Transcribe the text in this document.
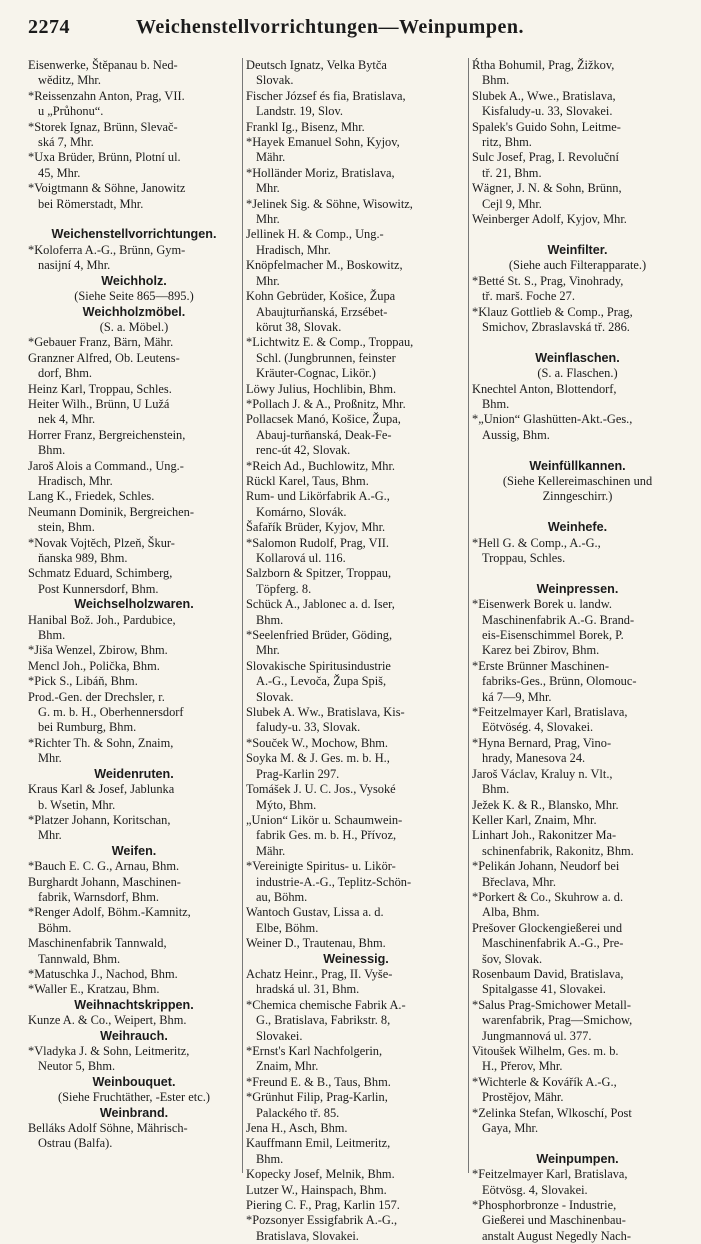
2274	Weichenstellvorrichtungen—Weinpumpen.
Eisenwerke, Štěpanau b. Ned-
wěditz, Mhr.
*Reissenzahn Anton, Prag, VII.
u „Průhonu“.
*Storek Ignaz, Brünn, Slevač-
ská 7, Mhr.
*Uxa Brüder, Brünn, Plotní ul.
45, Mhr.
*Voigtmann & Söhne, Janowitz
bei Römerstadt, Mhr.

Weichenstellvorrichtungen.
*Koloferra A.-G., Brünn, Gym-
nasijní 4, Mhr.
Weichholz.
(Siehe Seite 865—895.)
Weichholzmöbel.
(S. a. Möbel.)
*Gebauer Franz, Bärn, Mähr.
Granzner Alfred, Ob. Leutens-
dorf, Bhm.
Heinz Karl, Troppau, Schles.
Heiter Wilh., Brünn, U Lužá
nek 4, Mhr.
Horrer Franz, Bergreichenstein,
Bhm.
Jaroš Alois a Command., Ung.-
Hradisch, Mhr.
Lang K., Friedek, Schles.
Neumann Dominik, Bergreichen-
stein, Bhm.
*Novak Vojtěch, Plzeň, Škur-
ňanska 989, Bhm.
Schmatz Eduard, Schimberg,
Post Kunnersdorf, Bhm.
Weichselholzwaren.
Hanibal Bož. Joh., Pardubice,
Bhm.
*Jiša Wenzel, Zbirow, Bhm.
Mencl Joh., Polička, Bhm.
*Pick S., Libáň, Bhm.
Prod.-Gen. der Drechsler, r.
G. m. b. H., Oberhennersdorf
bei Rumburg, Bhm.
*Richter Th. & Sohn, Znaim,
Mhr.
Weidenruten.
Kraus Karl & Josef, Jablunka
b. Wsetin, Mhr.
*Platzer Johann, Koritschan,
Mhr.
Weifen.
*Bauch E. C. G., Arnau, Bhm.
Burghardt Johann, Maschinen-
fabrik, Warnsdorf, Bhm.
*Renger Adolf, Böhm.-Kamnitz,
Böhm.
Maschinenfabrik Tannwald,
Tannwald, Bhm.
*Matuschka J., Nachod, Bhm.
*Waller E., Kratzau, Bhm.
Weihnachtskrippen.
Kunze A. & Co., Weipert, Bhm.
Weihrauch.
*Vladyka J. & Sohn, Leitmeritz,
Neutor 5, Bhm.
Weinbouquet.
(Siehe Fruchtäther, -Ester etc.)
Weinbrand.
Belláks Adolf Söhne, Mährisch-
Ostrau (Balfa).
Deutsch Ignatz, Velka Bytča
Slovak.
Fischer József és fia, Bratislava,
Landstr. 19, Slov.
Frankl Ig., Bisenz, Mhr.
*Hayek Emanuel Sohn, Kyjov,
Mähr.
*Holländer Moriz, Bratislava,
Mhr.
*Jelinek Sig. & Söhne, Wisowitz,
Mhr.
Jellinek H. & Comp., Ung.-
Hradisch, Mhr.
Knöpfelmacher M., Boskowitz,
Mhr.
Kohn Gebrüder, Košice, Župa
Abaujturňanská, Erzsébet-
körut 38, Slovak.
*Lichtwitz E. & Comp., Troppau,
Schl. (Jungbrunnen, feinster
Kräuter-Cognac, Likör.)
Löwy Julius, Hochlibin, Bhm.
*Pollach J. & A., Proßnitz, Mhr.
Pollacsek Manó, Košice, Župa,
Abauj-turňanská, Deak-Fe-
renc-út 42, Slovak.
*Reich Ad., Buchlowitz, Mhr.
Rückl Karel, Taus, Bhm.
Rum- und Likörfabrik A.-G.,
Komárno, Slovák.
Šafařík Brüder, Kyjov, Mhr.
*Salomon Rudolf, Prag, VII.
Kollarová ul. 116.
Salzborn & Spitzer, Troppau,
Töpferg. 8.
Schück A., Jablonec a. d. Iser,
Bhm.
*Seelenfried Brüder, Göding,
Mhr.
Slovakische Spiritusindustrie
A.-G., Levoča, Župa Spiš,
Slovak.
Slubek A. Ww., Bratislava, Kis-
faludy-u. 33, Slovak.
*Souček W., Mochow, Bhm.
Soyka M. & J. Ges. m. b. H.,
Prag-Karlin 297.
Tomášek J. U. C. Jos., Vysoké
Mýto, Bhm.
„Union“ Likör u. Schaumwein-
fabrik Ges. m. b. H., Přívoz,
Mähr.
*Vereinigte Spiritus- u. Likör-
industrie-A.-G., Teplitz-Schön-
au, Böhm.
Wantoch Gustav, Lissa a. d.
Elbe, Böhm.
Weiner D., Trautenau, Bhm.
Weinessig.
Achatz Heinr., Prag, II. Vyše-
hradská ul. 31, Bhm.
*Chemica chemische Fabrik A.-
G., Bratislava, Fabrikstr. 8,
Slovakei.
*Ernst's Karl Nachfolgerin,
Znaim, Mhr.
*Freund E. & B., Taus, Bhm.
*Grünhut Filip, Prag-Karlin,
Palackého tř. 85.
Jena H., Asch, Bhm.
Kauffmann Emil, Leitmeritz,
Bhm.
Kopecky Josef, Melnik, Bhm.
Lutzer W., Hainspach, Bhm.
Piering C. F., Prag, Karlin 157.
*Pozsonyer Essigfabrik A.-G.,
Bratislava, Slovakei.
Ŕtha Bohumil, Prag, Žižkov,
Bhm.
Slubek A., Wwe., Bratislava,
Kisfaludy-u. 33, Slovakei.
Spalek's Guido Sohn, Leitme-
ritz, Bhm.
Sulc Josef, Prag, I. Revoluční
tř. 21, Bhm.
Wägner, J. N. & Sohn, Brünn,
Cejl 9, Mhr.
Weinberger Adolf, Kyjov, Mhr.

Weinfilter.
(Siehe auch Filterapparate.)
*Betté St. S., Prag, Vinohrady,
tř. marš. Foche 27.
*Klauz Gottlieb & Comp., Prag,
Smichov, Zbraslavská tř. 286.

Weinflaschen.
(S. a. Flaschen.)
Knechtel Anton, Blottendorf,
Bhm.
*„Union“ Glashütten-Akt.-Ges.,
Aussig, Bhm.

Weinfüllkannen.
(Siehe Kellereimaschinen und
Zinngeschirr.)

Weinhefe.
*Hell G. & Comp., A.-G.,
Troppau, Schles.

Weinpressen.
*Eisenwerk Borek u. landw.
Maschinenfabrik A.-G. Brand-
eis-Eisenschimmel Borek, P.
Karez bei Zbirov, Bhm.
*Erste Brünner Maschinen-
fabriks-Ges., Brünn, Olomouc-
ká 7—9, Mhr.
*Feitzelmayer Karl, Bratislava,
Eötvöség. 4, Slovakei.
*Hyna Bernard, Prag, Vino-
hrady, Manesova 24.
Jaroš Václav, Kraluy n. Vlt.,
Bhm.
Ježek K. & R., Blansko, Mhr.
Keller Karl, Znaim, Mhr.
Linhart Joh., Rakonitzer Ma-
schinenfabrik, Rakonitz, Bhm.
*Pelikán Johann, Neudorf bei
Břeclava, Mhr.
*Porkert & Co., Skuhrow a. d.
Alba, Bhm.
Prešover Glockengießerei und
Maschinenfabrik A.-G., Pre-
šov, Slovak.
Rosenbaum David, Bratislava,
Spitalgasse 41, Slovakei.
*Salus Prag-Smichower Metall-
warenfabrik, Prag—Smichow,
Jungmannová ul. 377.
Vitoušek Wilhelm, Ges. m. b.
H., Přerov, Mhr.
*Wichterle & Kovářík A.-G.,
Prostějov, Mähr.
*Zelinka Stefan, Wlkoschí, Post
Gaya, Mhr.

Weinpumpen.
*Feitzelmayer Karl, Bratislava,
Eötvösg. 4, Slovakei.
*Phosphorbronze - Industrie,
Gießerei und Maschinenbau-
anstalt August Negedly Nach-
